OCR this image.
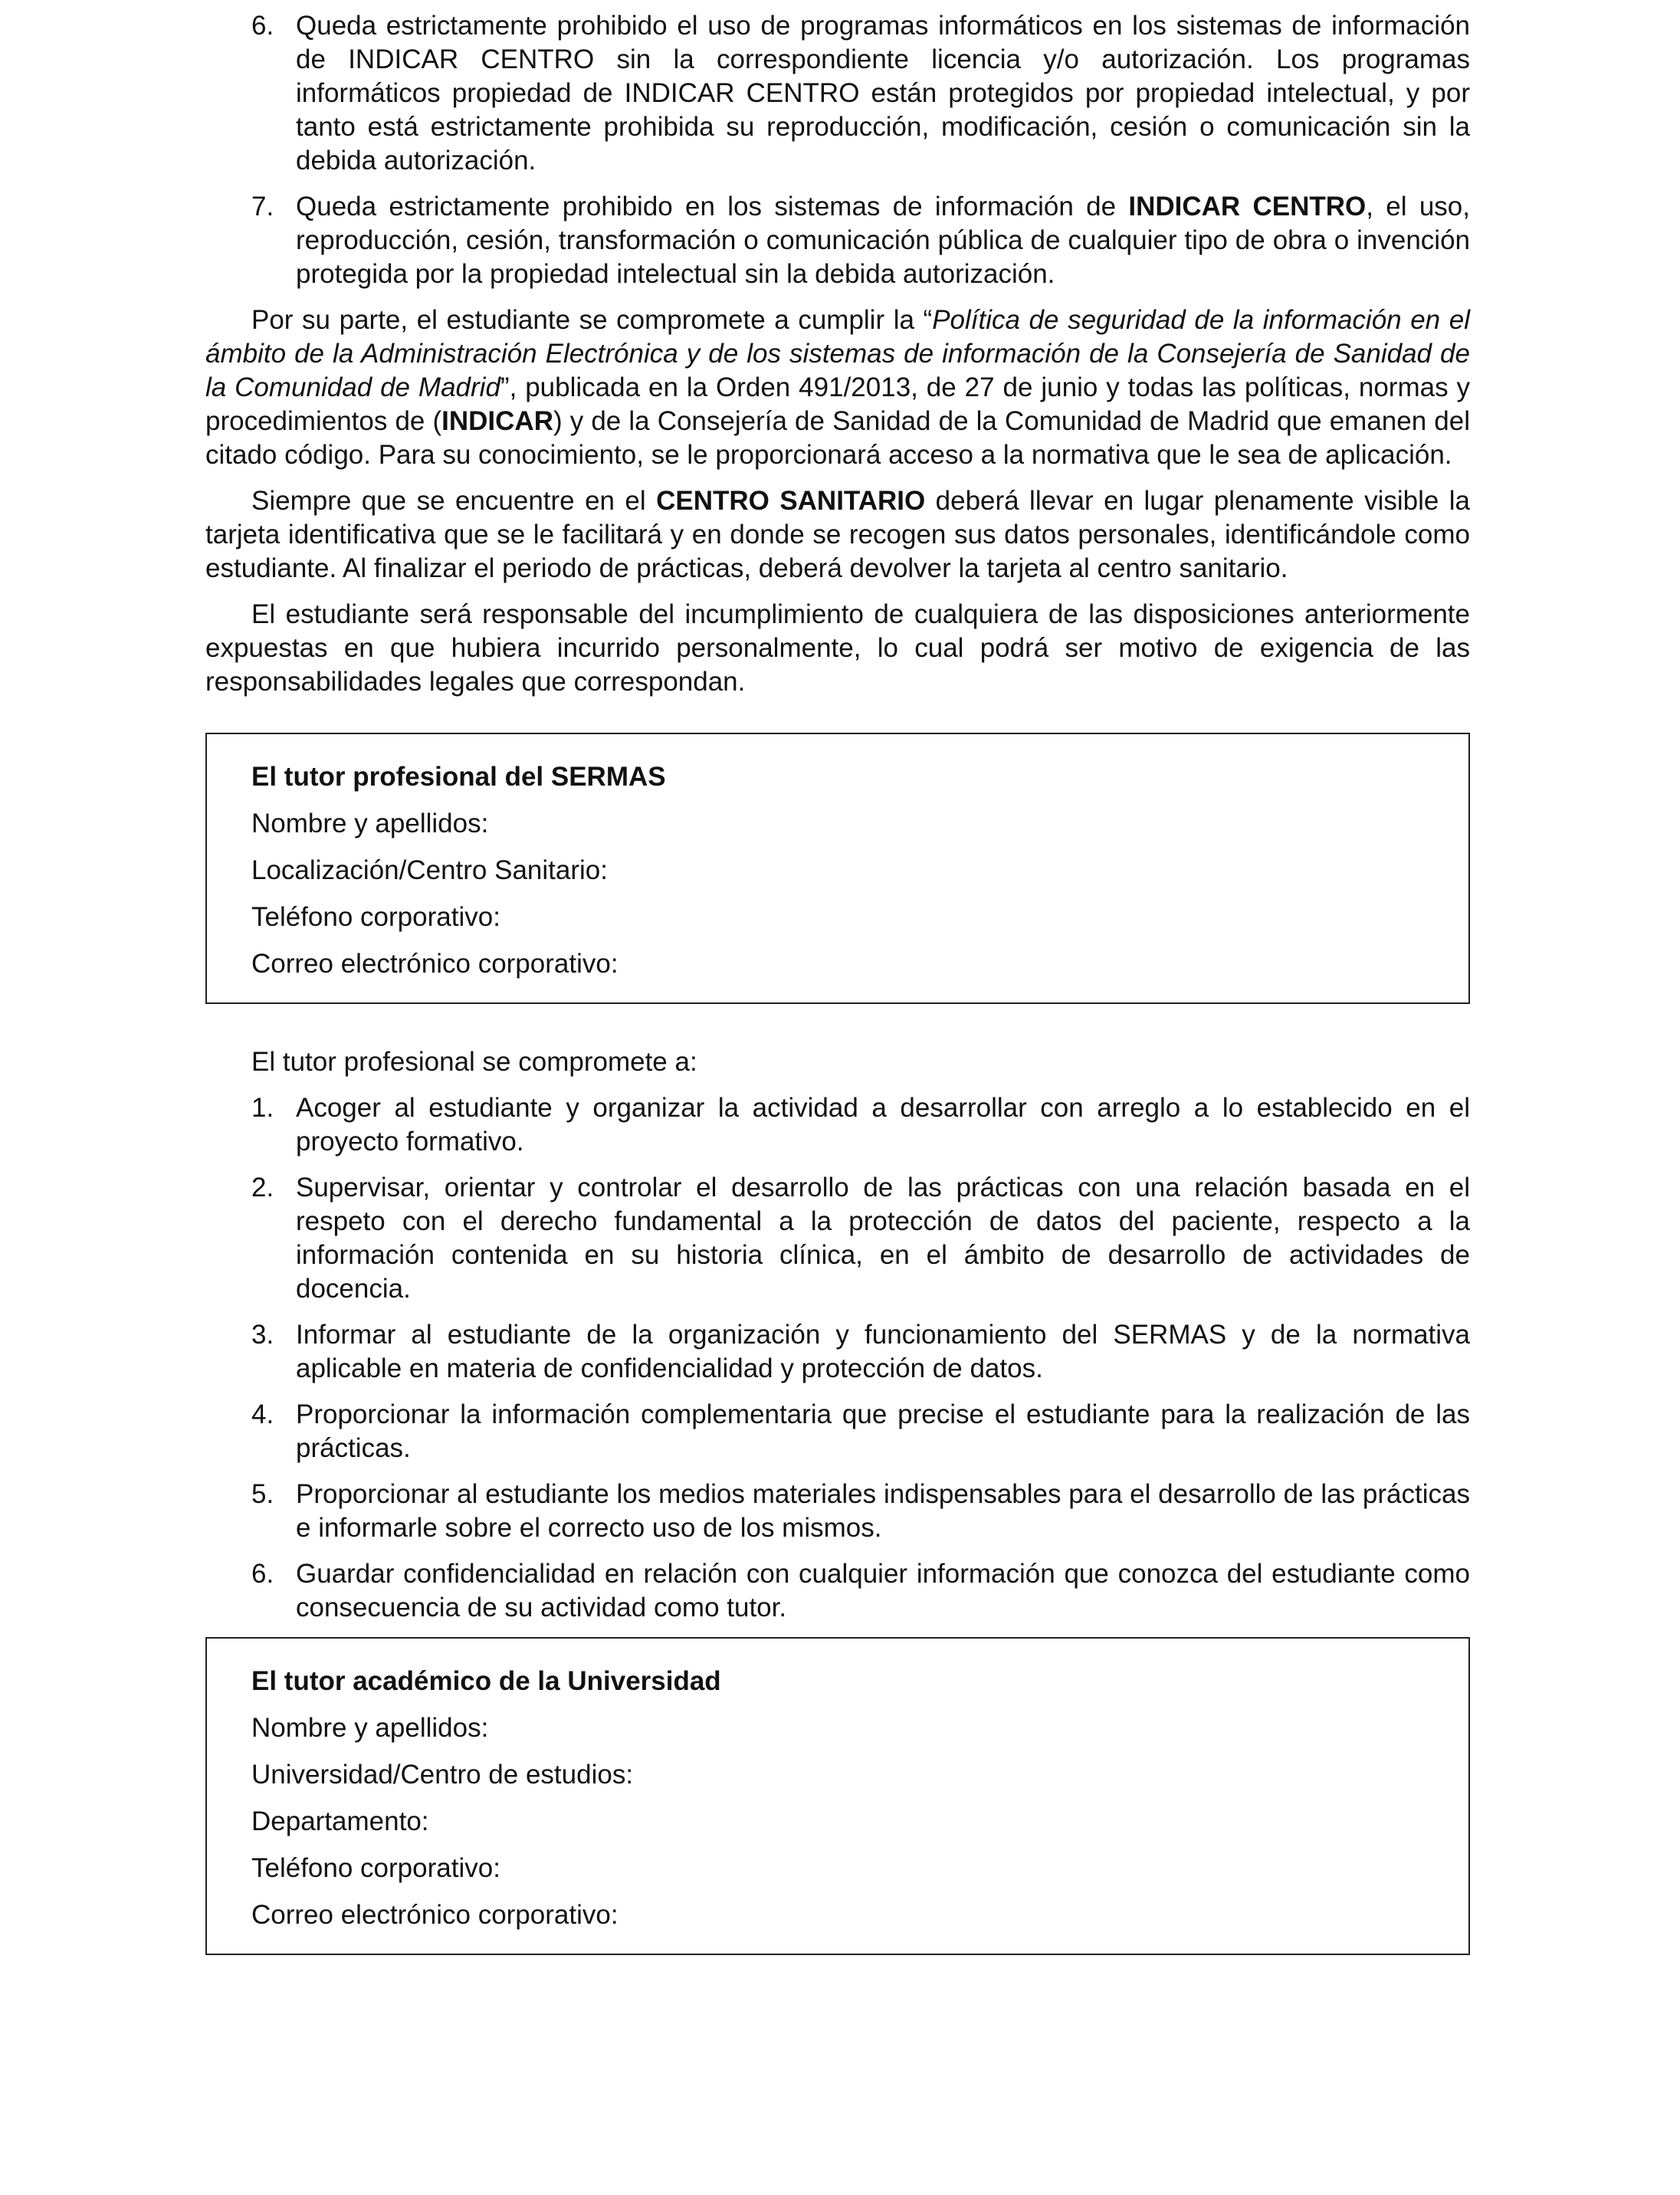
6. Queda estrictamente prohibido el uso de programas informáticos en los sistemas de información de INDICAR CENTRO sin la correspondiente licencia y/o autorización. Los programas informáticos propiedad de INDICAR CENTRO están protegidos por propiedad intelectual, y por tanto está estrictamente prohibida su reproducción, modificación, cesión o comunicación sin la debida autorización.
7. Queda estrictamente prohibido en los sistemas de información de INDICAR CENTRO, el uso, reproducción, cesión, transformación o comunicación pública de cualquier tipo de obra o invención protegida por la propiedad intelectual sin la debida autorización.

Por su parte, el estudiante se compromete a cumplir la “Política de seguridad de la información en el ámbito de la Administración Electrónica y de los sistemas de información de la Consejería de Sanidad de la Comunidad de Madrid”, publicada en la Orden 491/2013, de 27 de junio y todas las políticas, normas y procedimientos de (INDICAR) y de la Consejería de Sanidad de la Comunidad de Madrid que emanen del citado código. Para su conocimiento, se le proporcionará acceso a la normativa que le sea de aplicación.

Siempre que se encuentre en el CENTRO SANITARIO deberá llevar en lugar plenamente visible la tarjeta identificativa que se le facilitará y en donde se recogen sus datos personales, identificándole como estudiante. Al finalizar el periodo de prácticas, deberá devolver la tarjeta al centro sanitario.

El estudiante será responsable del incumplimiento de cualquiera de las disposiciones anteriormente expuestas en que hubiera incurrido personalmente, lo cual podrá ser motivo de exigencia de las responsabilidades legales que correspondan.

El tutor profesional del SERMAS
Nombre y apellidos:
Localización/Centro Sanitario:
Teléfono corporativo:
Correo electrónico corporativo:

El tutor profesional se compromete a:

1. Acoger al estudiante y organizar la actividad a desarrollar con arreglo a lo establecido en el proyecto formativo.
2. Supervisar, orientar y controlar el desarrollo de las prácticas con una relación basada en el respeto con el derecho fundamental a la protección de datos del paciente, respecto a la información contenida en su historia clínica, en el ámbito de desarrollo de actividades de docencia.
3. Informar al estudiante de la organización y funcionamiento del SERMAS y de la normativa aplicable en materia de confidencialidad y protección de datos.
4. Proporcionar la información complementaria que precise el estudiante para la realización de las prácticas.
5. Proporcionar al estudiante los medios materiales indispensables para el desarrollo de las prácticas e informarle sobre el correcto uso de los mismos.
6. Guardar confidencialidad en relación con cualquier información que conozca del estudiante como consecuencia de su actividad como tutor.
El tutor académico de la Universidad
Nombre y apellidos:
Universidad/Centro de estudios:
Departamento:
Teléfono corporativo:
Correo electrónico corporativo:
